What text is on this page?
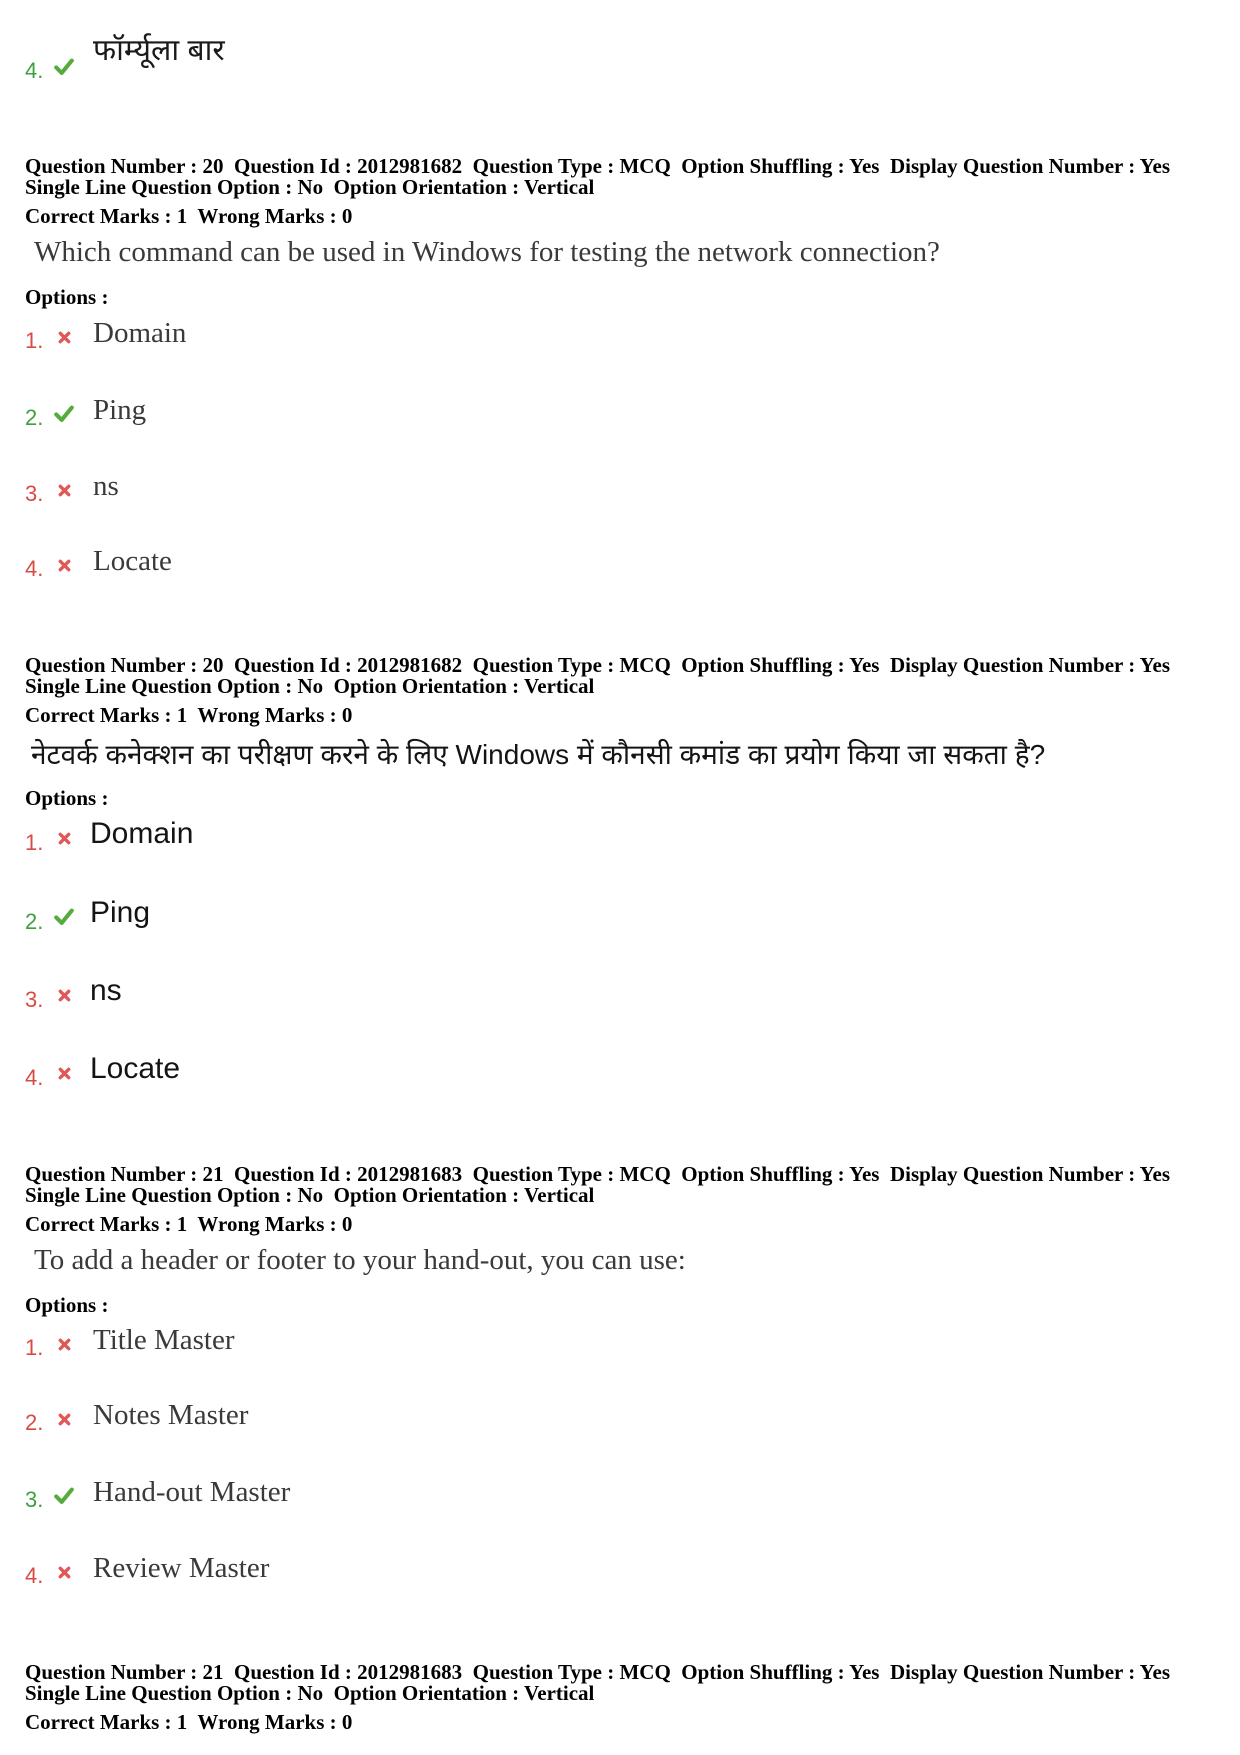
4.
फॉर्म्यूला बार
Question Number : 20  Question Id : 2012981682  Question Type : MCQ  Option Shuffling : Yes  Display Question Number : Yes
Single Line Question Option : No  Option Orientation : Vertical
Correct Marks : 1  Wrong Marks : 0
Which command can be used in Windows for testing the network connection?
Options :
1. Domain
2. Ping
3. ns
4. Locate
Question Number : 20  Question Id : 2012981682  Question Type : MCQ  Option Shuffling : Yes  Display Question Number : Yes
Single Line Question Option : No  Option Orientation : Vertical
Correct Marks : 1  Wrong Marks : 0
नेटवर्क कनेक्शन का परीक्षण करने के लिए Windows में कौनसी कमांड का प्रयोग किया जा सकता है?
Options :
1. Domain
2. Ping
3. ns
4. Locate
Question Number : 21  Question Id : 2012981683  Question Type : MCQ  Option Shuffling : Yes  Display Question Number : Yes
Single Line Question Option : No  Option Orientation : Vertical
Correct Marks : 1  Wrong Marks : 0
To add a header or footer to your hand-out, you can use:
Options :
1. Title Master
2. Notes Master
3. Hand-out Master
4. Review Master
Question Number : 21  Question Id : 2012981683  Question Type : MCQ  Option Shuffling : Yes  Display Question Number : Yes
Single Line Question Option : No  Option Orientation : Vertical
Correct Marks : 1  Wrong Marks : 0
